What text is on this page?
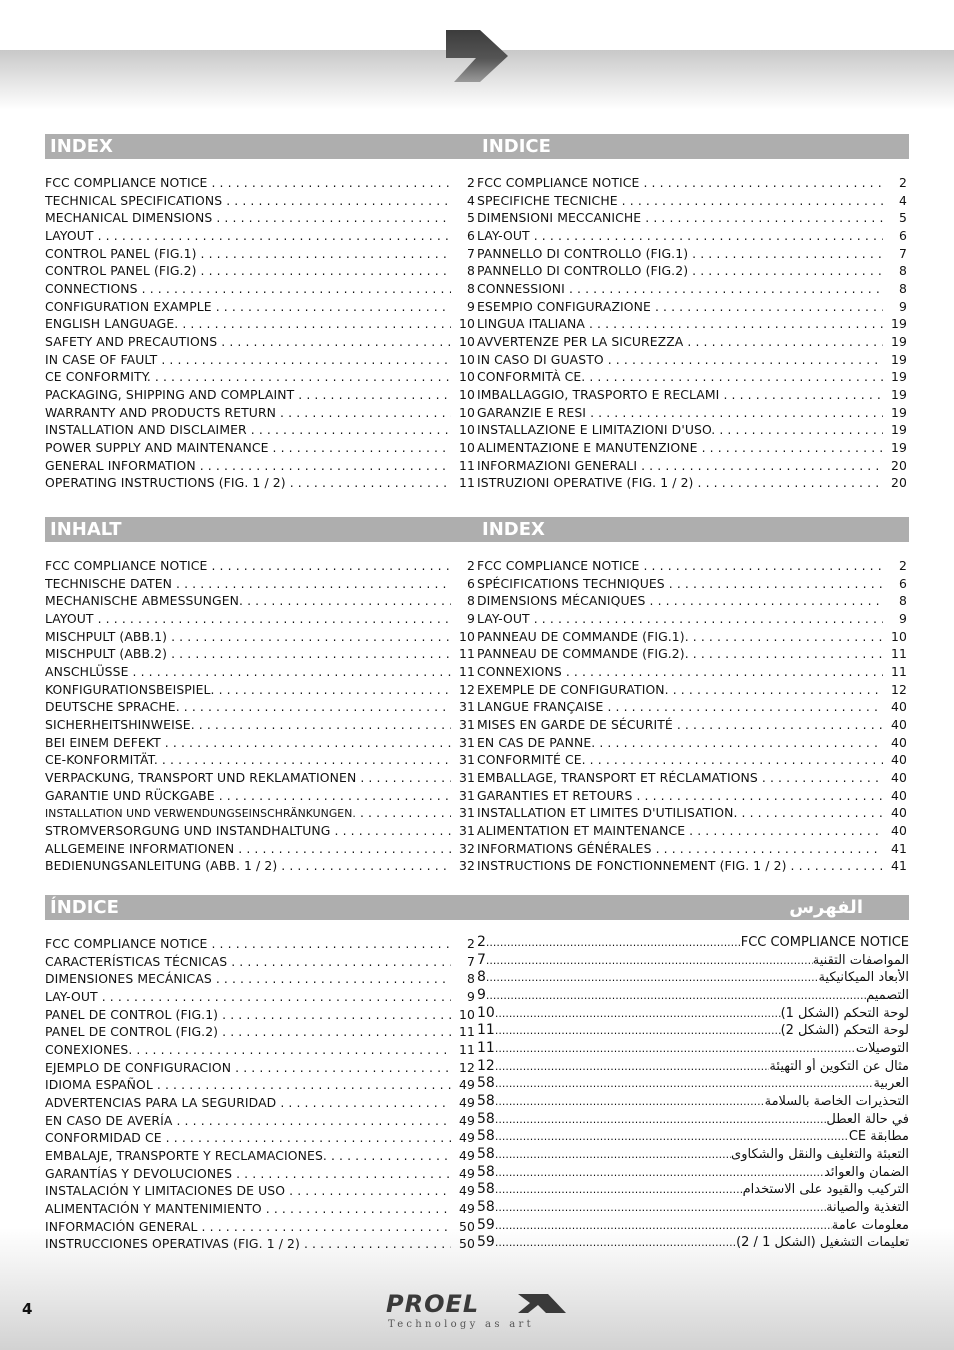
INDEX
FCC COMPLIANCE NOTICE . . .	2
TECHNICAL SPECIFICATIONS . . .	4
MECHANICAL DIMENSIONS . . .	5
LAYOUT . . .	6
CONTROL PANEL (FIG.1) . . .	7
CONTROL PANEL (FIG.2) . . .	8
CONNECTIONS . . .	8
CONFIGURATION EXAMPLE . . .	9
ENGLISH LANGUAGE. . . .	10
SAFETY AND PRECAUTIONS . . .	10
IN CASE OF FAULT . . .	10
CE CONFORMITY. . . .	10
PACKAGING, SHIPPING AND COMPLAINT . . .	10
WARRANTY AND PRODUCTS RETURN . . .	10
INSTALLATION AND DISCLAIMER . . .	10
POWER SUPPLY AND MAINTENANCE . . .	10
GENERAL INFORMATION . . .	11
OPERATING INSTRUCTIONS (FIG. 1 / 2) . . .	11
INDICE
FCC COMPLIANCE NOTICE . . .	2
SPECIFICHE TECNICHE . . .	4
DIMENSIONI MECCANICHE . . .	5
LAY-OUT . . .	6
PANNELLO DI CONTROLLO (FIG.1) . . .	7
PANNELLO DI CONTROLLO (FIG.2) . . .	8
CONNESSIONI . . .	8
ESEMPIO CONFIGURAZIONE . . .	9
LINGUA ITALIANA . . .	19
AVVERTENZE PER LA SICUREZZA . . .	19
IN CASO DI GUASTO . . .	19
CONFORMITÀ CE. . . .	19
IMBALLAGGIO, TRASPORTO E RECLAMI . . .	19
GARANZIE E RESI . . .	19
INSTALLAZIONE E LIMITAZIONI D'USO. . . .	19
ALIMENTAZIONE E MANUTENZIONE . . .	19
INFORMAZIONI GENERALI . . .	20
ISTRUZIONI OPERATIVE (FIG. 1 / 2) . . .	20
INHALT
FCC COMPLIANCE NOTICE . . .	2
TECHNISCHE DATEN . . .	6
MECHANISCHE ABMESSUNGEN. . . .	8
LAYOUT . . .	9
MISCHPULT (ABB.1) . . .	10
MISCHPULT (ABB.2) . . .	11
ANSCHLÜSSE . . .	11
KONFIGURATIONSBEISPIEL. . . .	12
DEUTSCHE SPRACHE. . . .	31
SICHERHEITSHINWEISE. . . .	31
BEI EINEM DEFEKT . . .	31
CE-KONFORMITÄT. . . .	31
VERPACKUNG, TRANSPORT UND REKLAMATIONEN . . .	31
GARANTIE UND RÜCKGABE . . .	31
INSTALLATION UND VERWENDUNGSEINSCHRÄNKUNGEN. . . .	31
STROMVERSORGUNG UND INSTANDHALTUNG . . .	31
ALLGEMEINE INFORMATIONEN . . .	32
BEDIENUNGSANLEITUNG (ABB. 1 / 2) . . .	32
INDEX
FCC COMPLIANCE NOTICE . . .	2
SPÉCIFICATIONS TECHNIQUES . . .	6
DIMENSIONS MÉCANIQUES . . .	8
LAY-OUT . . .	9
PANNEAU DE COMMANDE (FIG.1). . . .	10
PANNEAU DE COMMANDE (FIG.2). . . .	11
CONNEXIONS . . .	11
EXEMPLE DE CONFIGURATION. . . .	12
LANGUE FRANÇAISE . . .	40
MISES EN GARDE DE SÉCURITÉ . . .	40
EN CAS DE PANNE. . . .	40
CONFORMITÉ CE. . . .	40
EMBALLAGE, TRANSPORT ET RÉCLAMATIONS . . .	40
GARANTIES ET RETOURS . . .	40
INSTALLATION ET LIMITES D'UTILISATION. . . .	40
ALIMENTATION ET MAINTENANCE . . .	40
INFORMATIONS GÉNÉRALES . . .	41
INSTRUCTIONS DE FONCTIONNEMENT (FIG. 1 / 2) . . .	41
ÍNDICE
FCC COMPLIANCE NOTICE . . .	2
CARACTERÍSTICAS TÉCNICAS . . .	7
DIMENSIONES MECÁNICAS . . .	8
LAY-OUT . . .	9
PANEL DE CONTROL (FIG.1) . . .	10
PANEL DE CONTROL (FIG.2) . . .	11
CONEXIONES. . . .	11
EJEMPLO DE CONFIGURACION . . .	12
IDIOMA ESPAÑOL . . .	49
ADVERTENCIAS PARA LA SEGURIDAD . . .	49
EN CASO DE AVERÍA . . .	49
CONFORMIDAD CE . . .	49
EMBALAJE, TRANSPORTE Y RECLAMACIONES. . . .	49
GARANTÍAS Y DEVOLUCIONES . . .	49
INSTALACIÓN Y LIMITACIONES DE USO . . .	49
ALIMENTACIÓN Y MANTENIMIENTO . . .	49
INFORMACIÓN GENERAL . . .	50
INSTRUCCIONES OPERATIVAS (FIG. 1 / 2) . . .	50
الفهرس
2 .....	FCC COMPLIANCE NOTICE
7 .....	المواصفات التقنية
8 .....	الأبعاد الميكانيكية
9 .....	التصميم
10 .....	لوحة التحكم (الشكل 1)
11 .....	لوحة التحكم (الشكل 2)
11 .....	التوصيلات
12 .....	مثال عن التكوين أو التهيئة
58 .....	العربية
58 .....	التحذيرات الخاصة بالسلامة
58 .....	في حالة العطل
58 .....	مطابقة CE
58 .....	التعبئة والتغليف والنقل والشكاوى
58 .....	الضمان والعوائد
58 .....	التركيب والقيود على الاستخدام
58 .....	التغذية والصيانة
59 .....	معلومات عامة
59 .....	تعليمات التشغيل (الشكل 1 / 2)
4	PROEL
Technology as art
